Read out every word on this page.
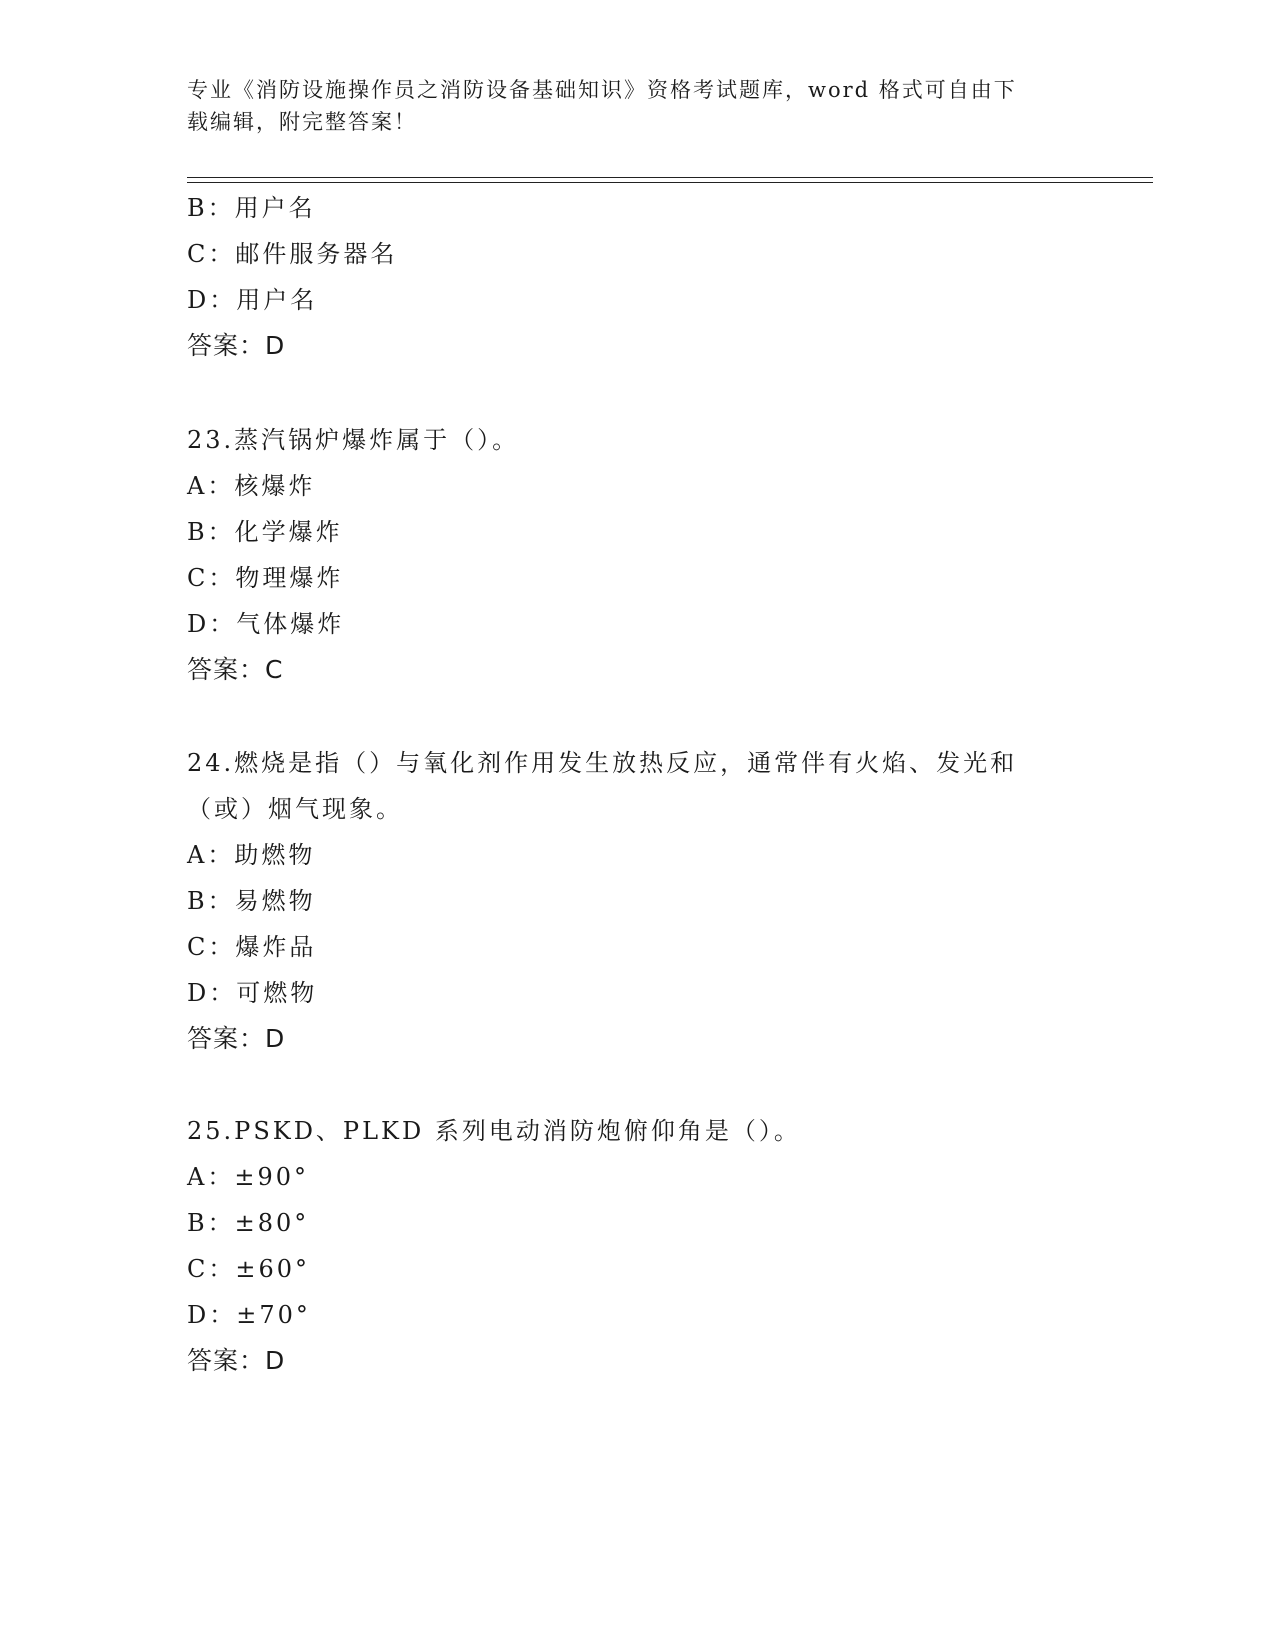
专业《消防设施操作员之消防设备基础知识》资格考试题库，word 格式可自由下
载编辑，附完整答案！
B：用户名
C：邮件服务器名
D：用户名
答案：D
23.蒸汽锅炉爆炸属于（）。
A：核爆炸
B：化学爆炸
C：物理爆炸
D：气体爆炸
答案：C
24.燃烧是指（）与氧化剂作用发生放热反应，通常伴有火焰、发光和
（或）烟气现象。
A：助燃物
B：易燃物
C：爆炸品
D：可燃物
答案：D
25.PSKD、PLKD 系列电动消防炮俯仰角是（）。
A：±90°
B：±80°
C：±60°
D：±70°
答案：D
